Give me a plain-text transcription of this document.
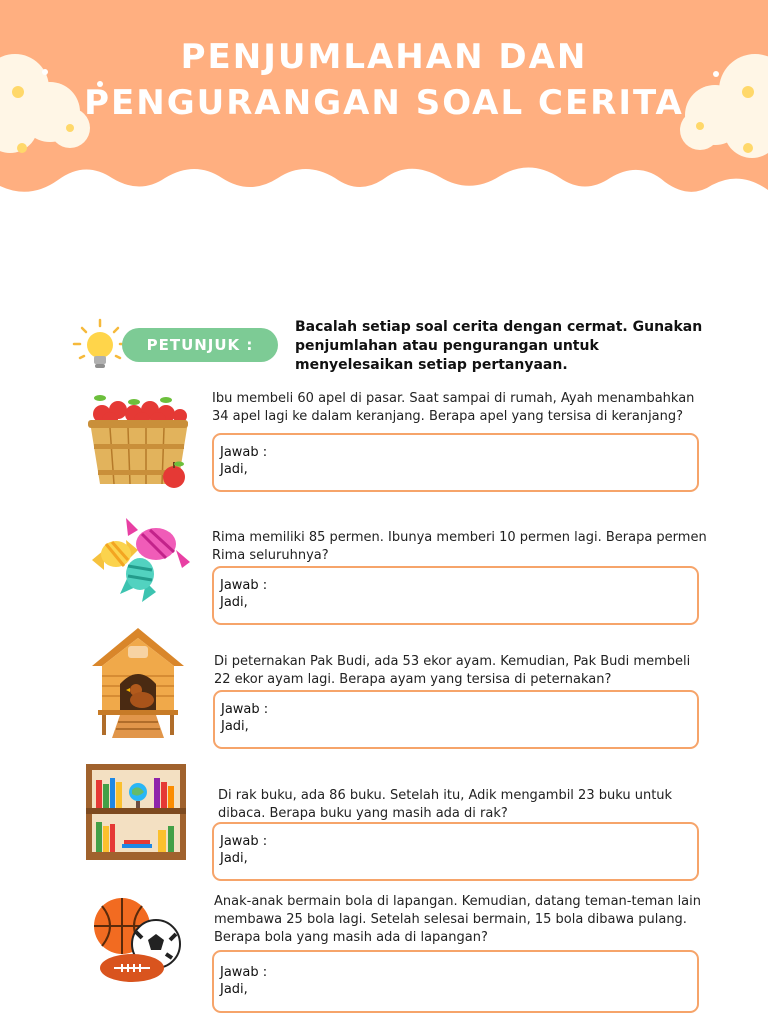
PENJUMLAHAN DAN
PENGURANGAN SOAL CERITA
PETUNJUK :
Bacalah setiap soal cerita dengan cermat. Gunakan penjumlahan atau pengurangan untuk menyelesaikan setiap pertanyaan.
Ibu membeli 60 apel di pasar. Saat sampai di rumah, Ayah menambahkan 34 apel lagi ke dalam keranjang. Berapa apel yang tersisa di keranjang?
Jawab :
Jadi,
Rima memiliki 85 permen. Ibunya memberi 10 permen lagi. Berapa permen Rima seluruhnya?
Jawab :
Jadi,
Di peternakan Pak Budi, ada 53 ekor ayam. Kemudian, Pak Budi membeli 22 ekor ayam lagi. Berapa ayam yang tersisa di peternakan?
Jawab :
Jadi,
Di rak buku, ada 86 buku. Setelah itu, Adik mengambil 23 buku untuk dibaca. Berapa buku yang masih ada di rak?
Jawab :
Jadi,
Anak-anak bermain bola di lapangan. Kemudian, datang teman-teman lain membawa 25 bola lagi. Setelah selesai bermain, 15 bola dibawa pulang. Berapa bola yang masih ada di lapangan?
Jawab :
Jadi,
